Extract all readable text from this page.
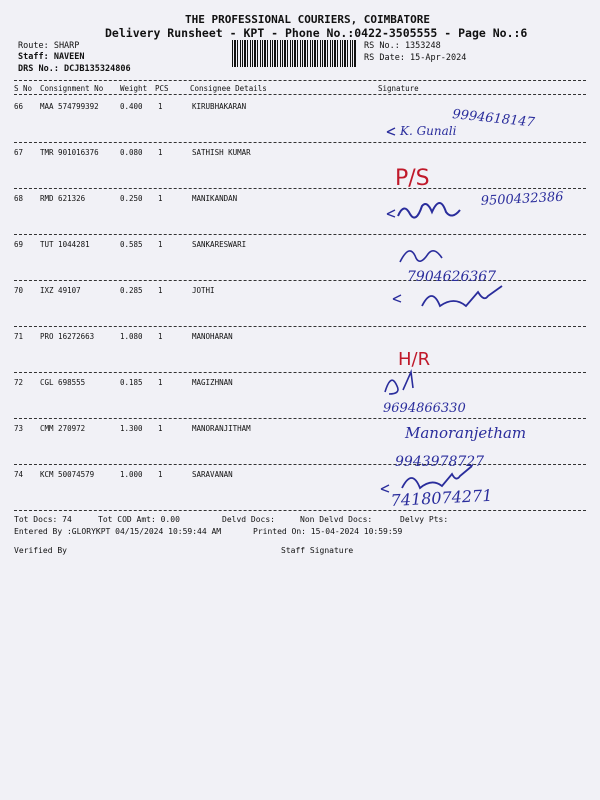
THE PROFESSIONAL COURIERS, COIMBATORE
Delivery Runsheet - KPT - Phone No.:0422-3505555 - Page No.:6
Route: SHARP
Staff: NAVEEN
DRS No.: DCJB135324806
RS No.: 1353248
RS Date: 15-Apr-2024
S No Consignment No Weight PCS	Consignee Details	Signature
66 MAA 574799392	0.400 1	KIRUBHAKARAN
67 TMR 901016376	0.080 1	SATHISH KUMAR
68 RMD 621326	0.250 1	MANIKANDAN
69 TUT 1044281	0.585 1	SANKARESWARI
70 IXZ 49107	0.285 1	JOTHI
71 PRO 16272663	1.080 1	MANOHARAN
72 CGL 698555	0.185 1	MAGIZHNAN
73 CMM 270972	1.300 1	MANORANJITHAM
74 KCM 50074579	1.000 1	SARAVANAN
Tot Docs: 74	Tot COD Amt: 0.00	Delvd Docs:	Non Delvd Docs:	Delvy Pts:
Entered By :GLORYKPT 04/15/2024 10:59:44 AM	Printed On: 15-04-2024 10:59:59
Verified By	Staff Signature
9994618147
K. Gunali
9500432386
7904626367
9694866330
Manoranjetham
9943978727
7418074271
P/S
H/R
